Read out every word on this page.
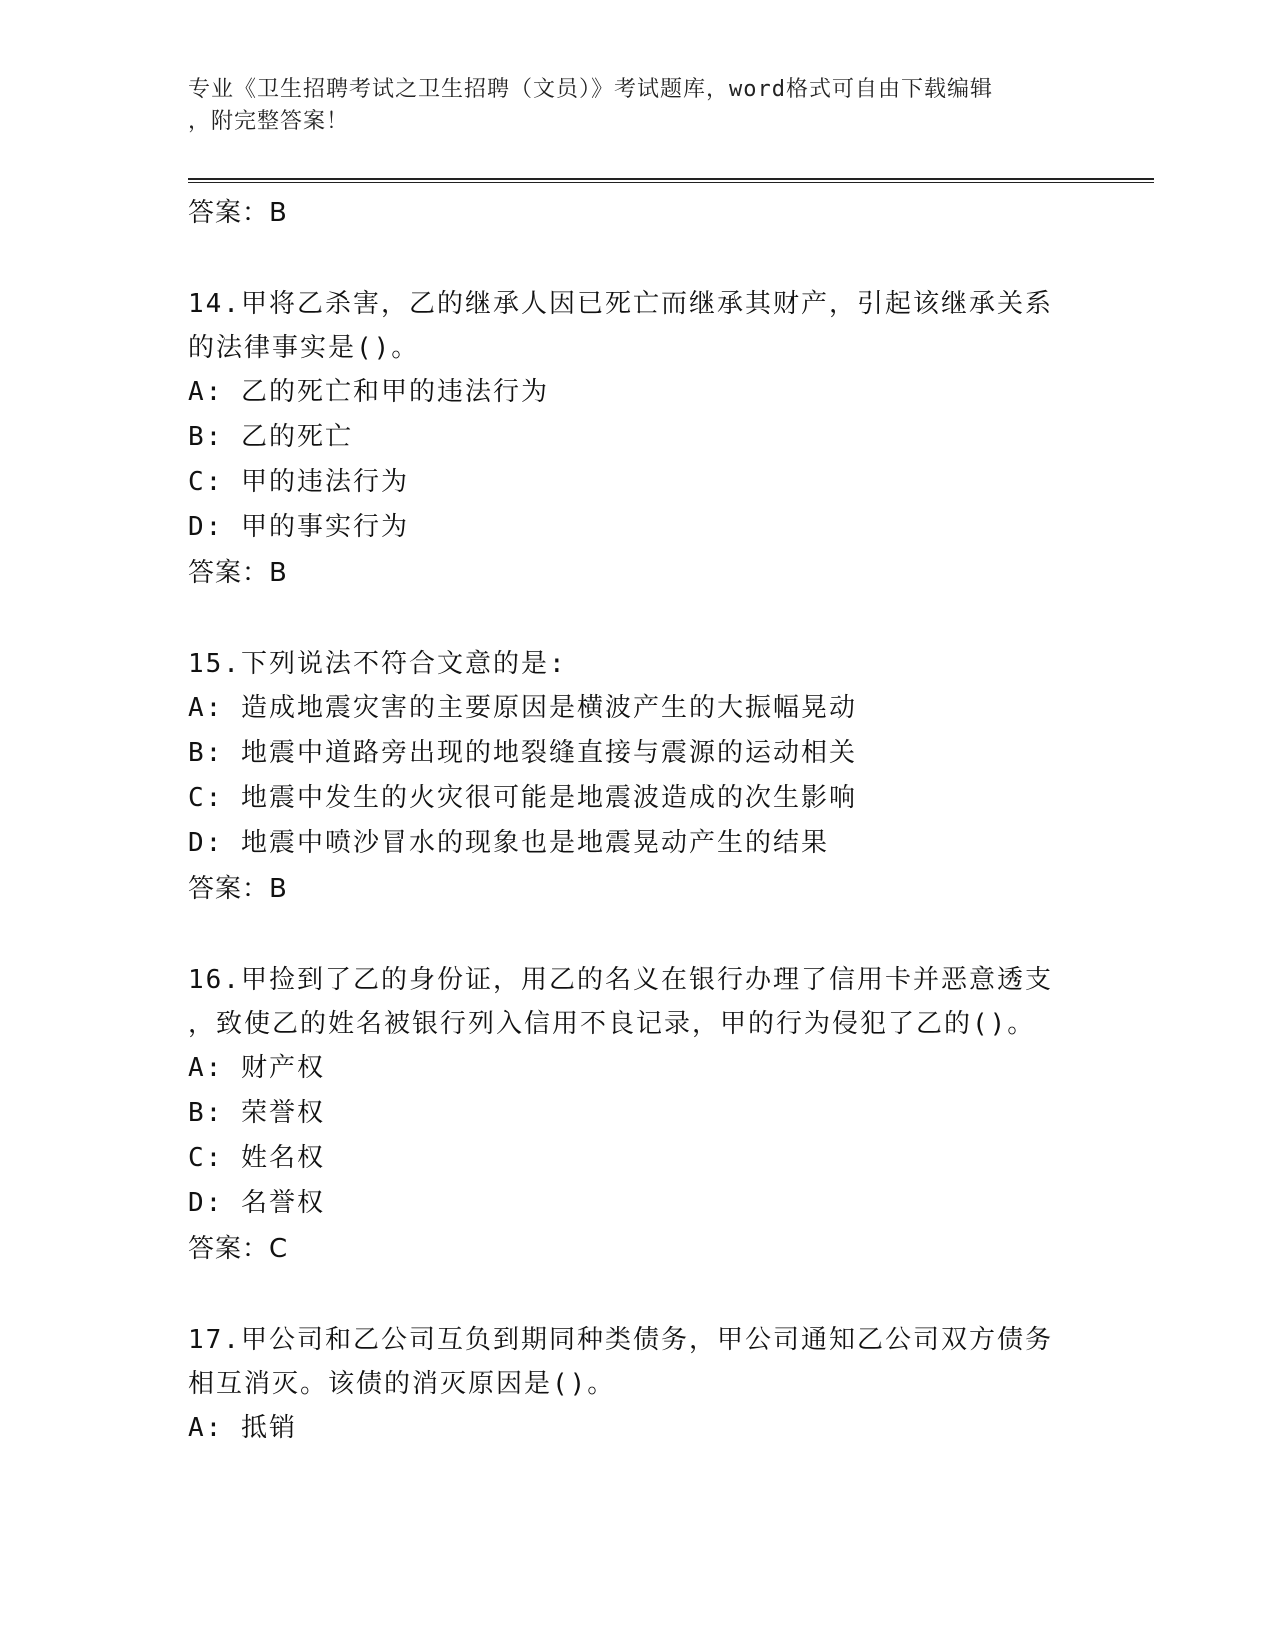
专业《卫生招聘考试之卫生招聘（文员）》考试题库，word格式可自由下载编辑
，附完整答案！

答案：B

14.甲将乙杀害，乙的继承人因已死亡而继承其财产，引起该继承关系

的法律事实是()。

A: 乙的死亡和甲的违法行为

B: 乙的死亡

C: 甲的违法行为

D: 甲的事实行为

答案：B

15.下列说法不符合文意的是:

A: 造成地震灾害的主要原因是横波产生的大振幅晃动

B: 地震中道路旁出现的地裂缝直接与震源的运动相关

C: 地震中发生的火灾很可能是地震波造成的次生影响

D: 地震中喷沙冒水的现象也是地震晃动产生的结果

答案：B

16.甲捡到了乙的身份证，用乙的名义在银行办理了信用卡并恶意透支

，致使乙的姓名被银行列入信用不良记录，甲的行为侵犯了乙的()。

A: 财产权

B: 荣誉权

C: 姓名权

D: 名誉权

答案：C

17.甲公司和乙公司互负到期同种类债务，甲公司通知乙公司双方债务

相互消灭。该债的消灭原因是()。

A: 抵销
